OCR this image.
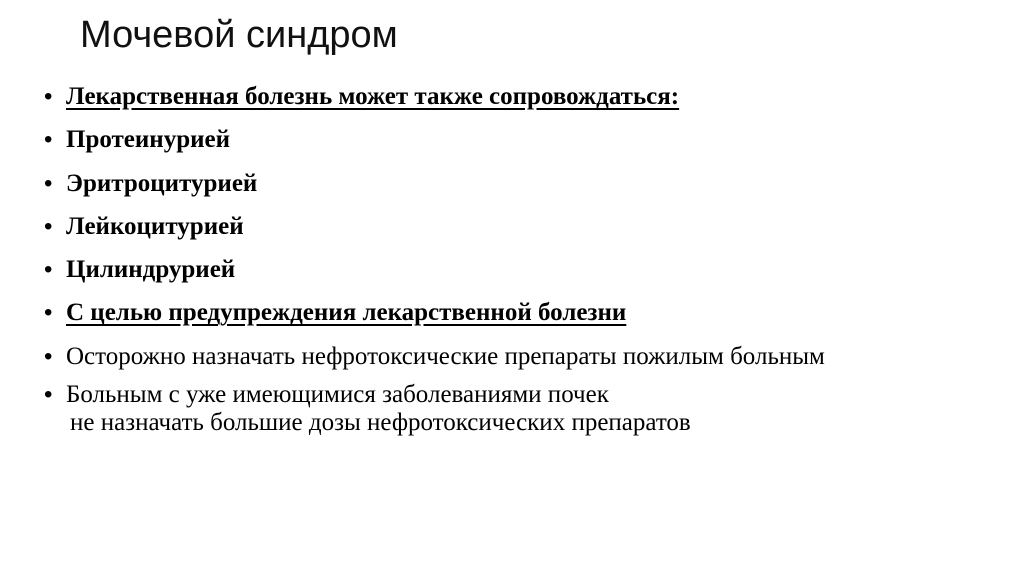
Мочевой синдром
• Лекарственная болезнь может также сопровождаться:
• Протеинурией
• Эритроцитурией
• Лейкоцитурией
• Цилиндрурией
• С целью предупреждения лекарственной болезни
• Осторожно назначать нефротоксические препараты пожилым больным
• Больным с уже имеющимися заболеваниями почек
не назначать большие дозы нефротоксических препаратов
